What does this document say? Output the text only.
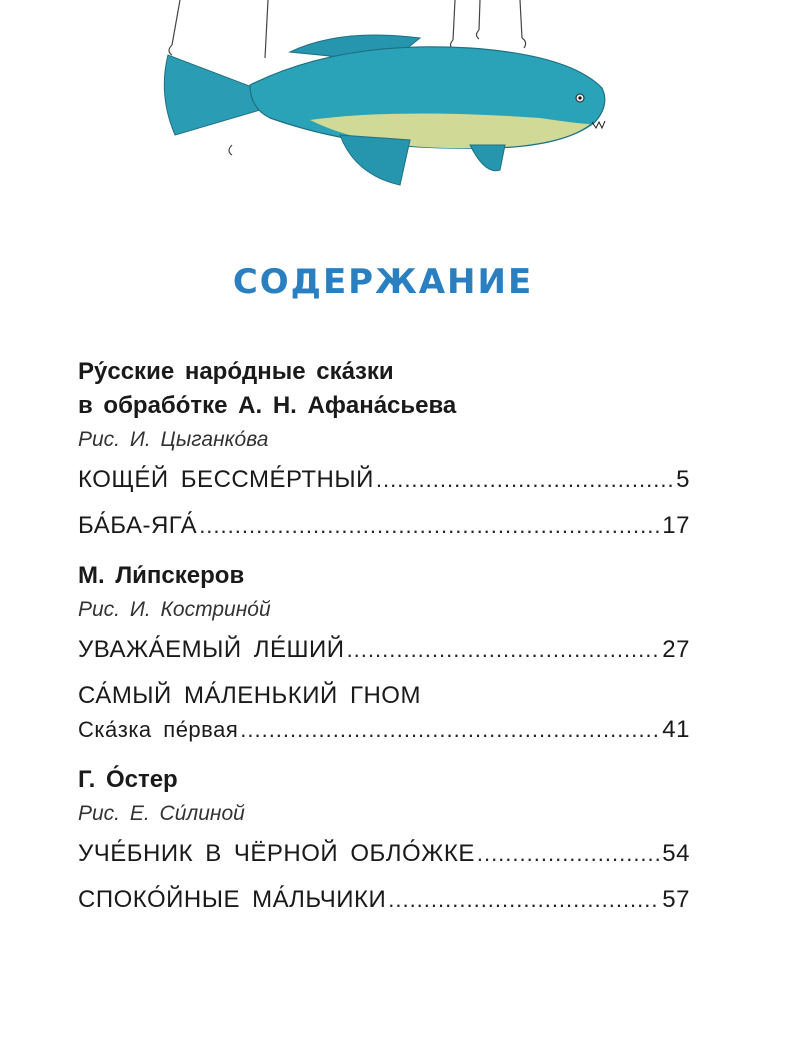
СОДЕРЖАНИЕ
Ру́сские наро́дные ска́зки
в обрабо́тке А. Н. Афана́сьева
Рис. И. Цыганко́ва
КОЩЕ́Й БЕССМЕ́РТНЫЙ .....	5
БА́БА-ЯГА́ .....	17
М. Ли́пскеров
Рис. И. Кострино́й
УВАЖА́ЕМЫЙ ЛЕ́ШИЙ .....	27
СА́МЫЙ МА́ЛЕНЬКИЙ ГНОМ
Ска́зка пе́рвая .....	41
Г. О́стер
Рис. Е. Си́линой
УЧЕ́БНИК В ЧЁРНОЙ ОБЛО́ЖКЕ .....	54
СПОКО́ЙНЫЕ МА́ЛЬЧИКИ .....	57
